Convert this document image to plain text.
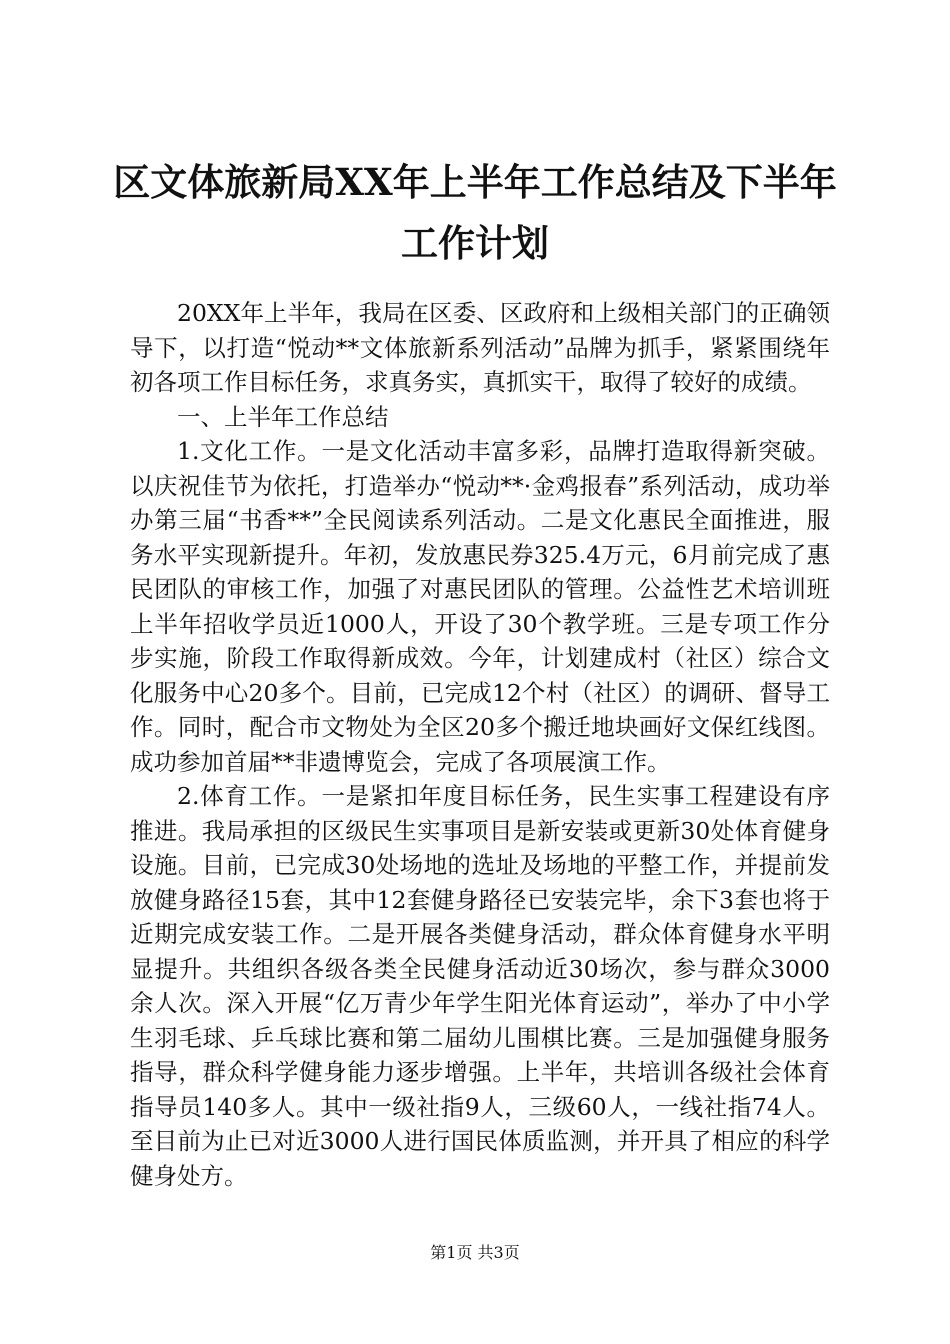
区文体旅新局XX年上半年工作总结及下半年
工作计划

20XX年上半年，我局在区委、区政府和上级相关部门的正确领导下，以打造“悦动**文体旅新系列活动”品牌为抓手，紧紧围绕年初各项工作目标任务，求真务实，真抓实干，取得了较好的成绩。

一、上半年工作总结

1.文化工作。一是文化活动丰富多彩，品牌打造取得新突破。以庆祝佳节为依托，打造举办“悦动**·金鸡报春”系列活动，成功举办第三届“书香**”全民阅读系列活动。二是文化惠民全面推进，服务水平实现新提升。年初，发放惠民券325.4万元，6月前完成了惠民团队的审核工作，加强了对惠民团队的管理。公益性艺术培训班上半年招收学员近1000人，开设了30个教学班。三是专项工作分步实施，阶段工作取得新成效。今年，计划建成村（社区）综合文化服务中心20多个。目前，已完成12个村（社区）的调研、督导工作。同时，配合市文物处为全区20多个搬迁地块画好文保红线图。成功参加首届**非遗博览会，完成了各项展演工作。

2.体育工作。一是紧扣年度目标任务，民生实事工程建设有序推进。我局承担的区级民生实事项目是新安装或更新30处体育健身设施。目前，已完成30处场地的选址及场地的平整工作，并提前发放健身路径15套，其中12套健身路径已安装完毕，余下3套也将于近期完成安装工作。二是开展各类健身活动，群众体育健身水平明显提升。共组织各级各类全民健身活动近30场次，参与群众3000余人次。深入开展“亿万青少年学生阳光体育运动”，举办了中小学生羽毛球、乒乓球比赛和第二届幼儿围棋比赛。三是加强健身服务指导，群众科学健身能力逐步增强。上半年，共培训各级社会体育指导员140多人。其中一级社指9人，三级60人，一线社指74人。至目前为止已对近3000人进行国民体质监测，并开具了相应的科学健身处方。

第1页 共3页
